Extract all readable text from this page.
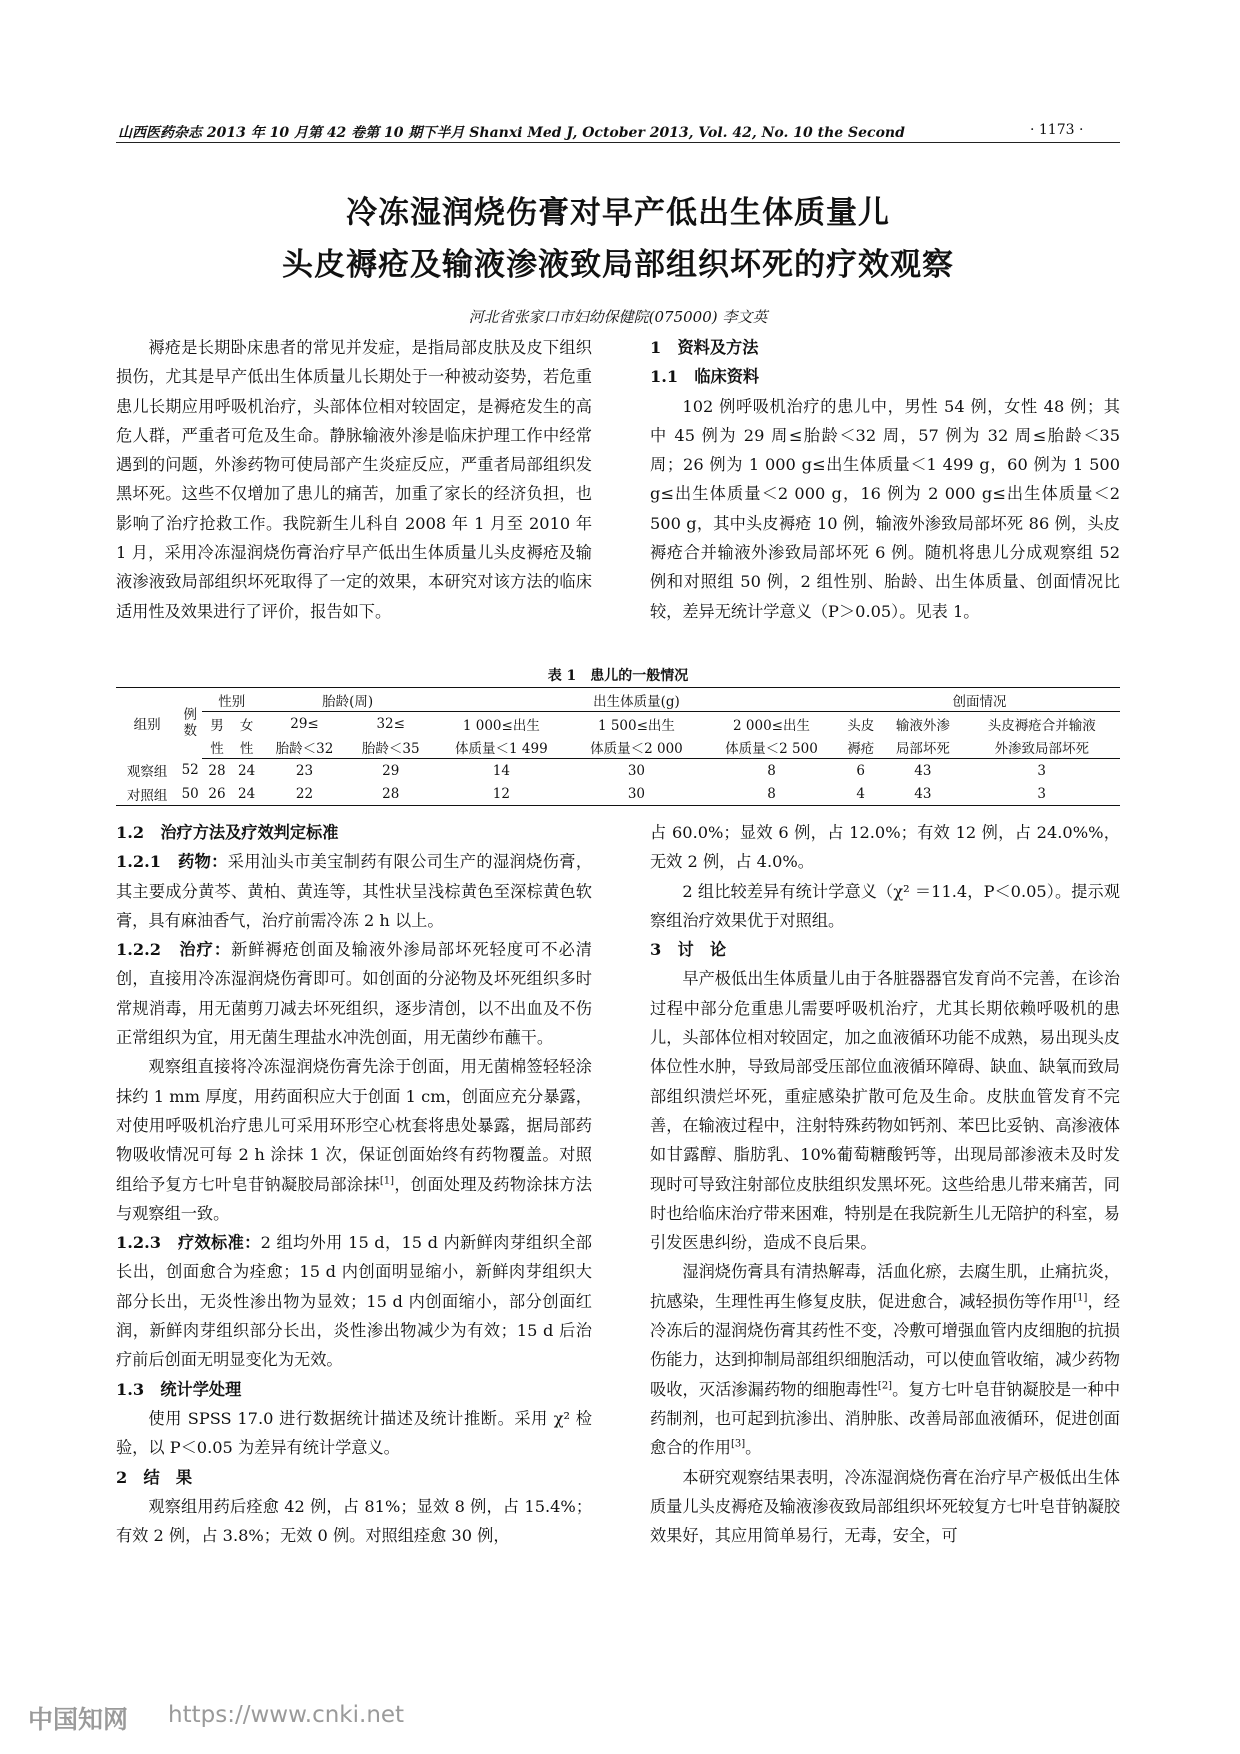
山西医药杂志 2013 年 10 月第 42 卷第 10 期下半月 Shanxi Med J, October 2013, Vol. 42, No. 10 the Second	· 1173 ·
冷冻湿润烧伤膏对早产低出生体质量儿
头皮褥疮及输液渗液致局部组织坏死的疗效观察
河北省张家口市妇幼保健院(075000) 李文英

褥疮是长期卧床患者的常见并发症，是指局部皮肤及皮下组织损伤，尤其是早产低出生体质量儿长期处于一种被动姿势，若危重患儿长期应用呼吸机治疗，头部体位相对较固定，是褥疮发生的高危人群，严重者可危及生命。静脉输液外渗是临床护理工作中经常遇到的问题，外渗药物可使局部产生炎症反应，严重者局部组织发黑坏死。这些不仅增加了患儿的痛苦，加重了家长的经济负担，也影响了治疗抢救工作。我院新生儿科自 2008 年 1 月至 2010 年 1 月，采用冷冻湿润烧伤膏治疗早产低出生体质量儿头皮褥疮及输液渗液致局部组织坏死取得了一定的效果，本研究对该方法的临床适用性及效果进行了评价，报告如下。

1　资料及方法

1.1　临床资料

102 例呼吸机治疗的患儿中，男性 54 例，女性 48 例；其中 45 例为 29 周≤胎龄＜32 周，57 例为 32 周≤胎龄＜35 周；26 例为 1 000 g≤出生体质量＜1 499 g，60 例为 1 500 g≤出生体质量＜2 000 g，16 例为 2 000 g≤出生体质量＜2 500 g，其中头皮褥疮 10 例，输液外渗致局部坏死 86 例，头皮褥疮合并输液外渗致局部坏死 6 例。随机将患儿分成观察组 52 例和对照组 50 例，2 组性别、胎龄、出生体质量、创面情况比较，差异无统计学意义（P＞0.05）。见表 1。

表 1　患儿的一般情况
组别	例数	性别		胎龄(周)		出生体质量(g)			创面情况		
		男	女	29≤	32≤	1 000≤出生	1 500≤出生	2 000≤出生	头皮	输液外渗	头皮褥疮合并输液
		性	性	胎龄＜32	胎龄＜35	体质量＜1 499	体质量＜2 000	体质量＜2 500	褥疮	局部坏死	外渗致局部坏死
观察组	52	28	24	23	29	14	30	8	6	43	3
对照组	50	26	24	22	28	12	30	8	4	43	3

1.2　治疗方法及疗效判定标准

1.2.1　药物：采用汕头市美宝制药有限公司生产的湿润烧伤膏，其主要成分黄芩、黄柏、黄连等，其性状呈浅棕黄色至深棕黄色软膏，具有麻油香气，治疗前需冷冻 2 h 以上。

1.2.2　治疗：新鲜褥疮创面及输液外渗局部坏死轻度可不必清创，直接用冷冻湿润烧伤膏即可。如创面的分泌物及坏死组织多时常规消毒，用无菌剪刀减去坏死组织，逐步清创，以不出血及不伤正常组织为宜，用无菌生理盐水冲洗创面，用无菌纱布蘸干。

观察组直接将冷冻湿润烧伤膏先涂于创面，用无菌棉签轻轻涂抹约 1 mm 厚度，用药面积应大于创面 1 cm，创面应充分暴露，对使用呼吸机治疗患儿可采用环形空心枕套将患处暴露，据局部药物吸收情况可每 2 h 涂抹 1 次，保证创面始终有药物覆盖。对照组给予复方七叶皂苷钠凝胶局部涂抹[1]，创面处理及药物涂抹方法与观察组一致。

1.2.3　疗效标准：2 组均外用 15 d，15 d 内新鲜肉芽组织全部长出，创面愈合为痊愈；15 d 内创面明显缩小，新鲜肉芽组织大部分长出，无炎性渗出物为显效；15 d 内创面缩小，部分创面红润，新鲜肉芽组织部分长出，炎性渗出物减少为有效；15 d 后治疗前后创面无明显变化为无效。

1.3　统计学处理

使用 SPSS 17.0 进行数据统计描述及统计推断。采用 χ² 检验，以 P＜0.05 为差异有统计学意义。

2　结　果

观察组用药后痊愈 42 例，占 81%；显效 8 例，占 15.4%；有效 2 例，占 3.8%；无效 0 例。对照组痊愈 30 例，

占 60.0%；显效 6 例，占 12.0%；有效 12 例，占 24.0%%，无效 2 例，占 4.0%。

2 组比较差异有统计学意义（χ² ＝11.4，P＜0.05）。提示观察组治疗效果优于对照组。

3　讨　论

早产极低出生体质量儿由于各脏器器官发育尚不完善，在诊治过程中部分危重患儿需要呼吸机治疗，尤其长期依赖呼吸机的患儿，头部体位相对较固定，加之血液循环功能不成熟，易出现头皮体位性水肿，导致局部受压部位血液循环障碍、缺血、缺氧而致局部组织溃烂坏死，重症感染扩散可危及生命。皮肤血管发育不完善，在输液过程中，注射特殊药物如钙剂、苯巴比妥钠、高渗液体如甘露醇、脂肪乳、10%葡萄糖酸钙等，出现局部渗液未及时发现时可导致注射部位皮肤组织发黑坏死。这些给患儿带来痛苦，同时也给临床治疗带来困难，特别是在我院新生儿无陪护的科室，易引发医患纠纷，造成不良后果。

湿润烧伤膏具有清热解毒，活血化瘀，去腐生肌，止痛抗炎，抗感染，生理性再生修复皮肤，促进愈合，减轻损伤等作用[1]，经冷冻后的湿润烧伤膏其药性不变，冷敷可增强血管内皮细胞的抗损伤能力，达到抑制局部组织细胞活动，可以使血管收缩，减少药物吸收，灭活渗漏药物的细胞毒性[2]。复方七叶皂苷钠凝胶是一种中药制剂，也可起到抗渗出、消肿胀、改善局部血液循环，促进创面愈合的作用[3]。

本研究观察结果表明，冷冻湿润烧伤膏在治疗早产极低出生体质量儿头皮褥疮及输液渗夜致局部组织坏死较复方七叶皂苷钠凝胶效果好，其应用简单易行，无毒，安全，可

中国知网 https://www.cnki.net
